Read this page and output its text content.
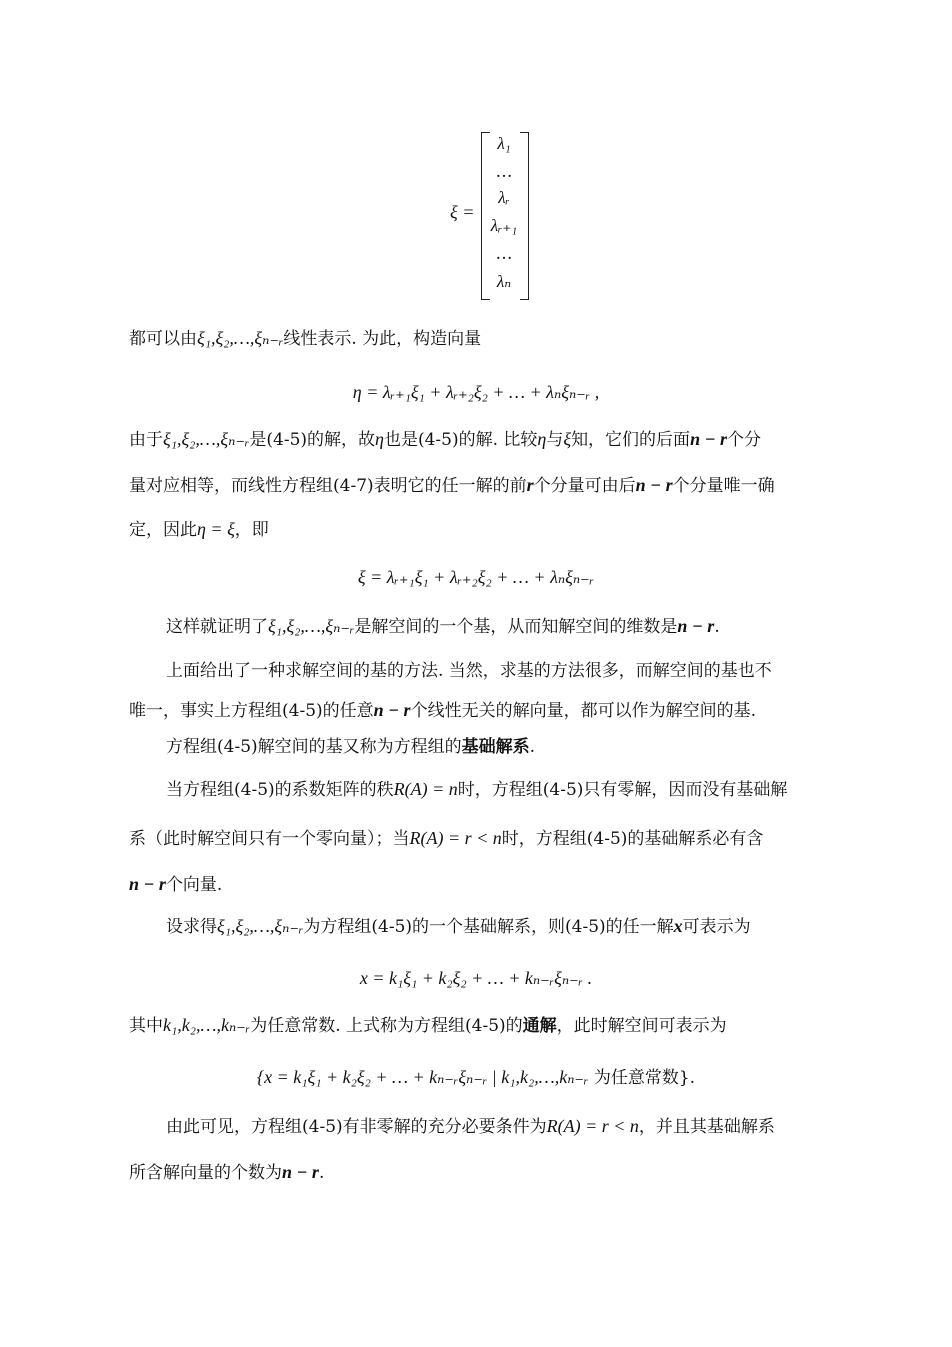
ξ =
λ₁
…
λᵣ
λᵣ₊₁
…
λₙ
都可以由ξ₁,ξ₂,…,ξₙ₋ᵣ线性表示. 为此，构造向量
η = λᵣ₊₁ξ₁ + λᵣ₊₂ξ₂ + … + λₙξₙ₋ᵣ ,
由于ξ₁,ξ₂,…,ξₙ₋ᵣ是(4-5)的解，故η也是(4-5)的解. 比较η与ξ知，它们的后面n − r个分
量对应相等，而线性方程组(4-7)表明它的任一解的前r个分量可由后n − r个分量唯一确
定，因此η = ξ，即
ξ = λᵣ₊₁ξ₁ + λᵣ₊₂ξ₂ + … + λₙξₙ₋ᵣ
这样就证明了ξ₁,ξ₂,…,ξₙ₋ᵣ是解空间的一个基，从而知解空间的维数是n − r.
上面给出了一种求解空间的基的方法. 当然，求基的方法很多，而解空间的基也不
唯一，事实上方程组(4-5)的任意n − r个线性无关的解向量，都可以作为解空间的基.
方程组(4-5)解空间的基又称为方程组的基础解系.
当方程组(4-5)的系数矩阵的秩R(A) = n时，方程组(4-5)只有零解，因而没有基础解
系（此时解空间只有一个零向量）；当R(A) = r < n时，方程组(4-5)的基础解系必有含
n − r个向量.
设求得ξ₁,ξ₂,…,ξₙ₋ᵣ为方程组(4-5)的一个基础解系，则(4-5)的任一解x可表示为
x = k₁ξ₁ + k₂ξ₂ + … + kₙ₋ᵣξₙ₋ᵣ .
其中k₁,k₂,…,kₙ₋ᵣ为任意常数. 上式称为方程组(4-5)的通解，此时解空间可表示为
{x = k₁ξ₁ + k₂ξ₂ + … + kₙ₋ᵣξₙ₋ᵣ | k₁,k₂,…,kₙ₋ᵣ 为任意常数}.
由此可见，方程组(4-5)有非零解的充分必要条件为R(A) = r < n，并且其基础解系
所含解向量的个数为n − r.
